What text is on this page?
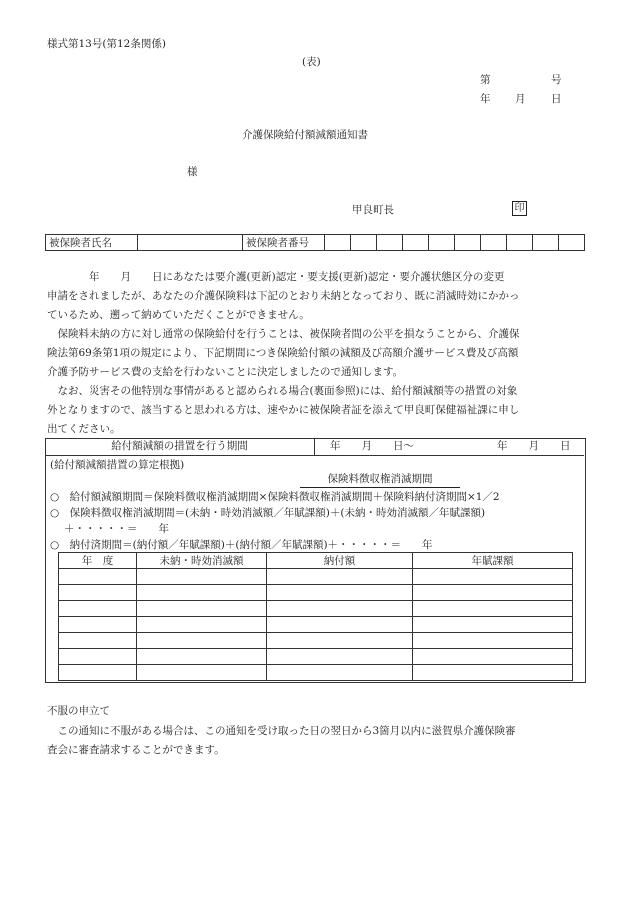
様式第13号(第12条関係)
(表)
第	号
年 月 日
介護保険給付額減額通知書
様
甲良町長	印
被保険者氏名		被保険者番号										
　　　　年　　月　　日にあなたは要介護(更新)認定・要支援(更新)認定・要介護状態区分の変更
申請をされましたが、あなたの介護保険料は下記のとおり未納となっており、既に消滅時効にかかっ
ているため、遡って納めていただくことができません。
　保険料未納の方に対し通常の保険給付を行うことは、被保険者間の公平を損なうことから、介護保
険法第69条第1項の規定により、下記期間につき保険給付額の減額及び高額介護サービス費及び高額
介護予防サービス費の支給を行わないことに決定しましたので通知します。
　なお、災害その他特別な事情があると認められる場合(裏面参照)には、給付額減額等の措置の対象
外となりますので、該当すると思われる方は、速やかに被保険者証を添えて甲良町保健福祉課に申し
出てください。
給付額減額の措置を行う期間	年　　月　　日～	年　　月　　日
(給付額減額措置の算定根拠)
保険料徴収権消滅期間
○　給付額減額期間＝保険料徴収権消滅期間×保険料徴収権消滅期間＋保険料納付済期間×1／2
○　保険料徴収権消滅期間＝(未納・時効消滅額／年賦課額)＋(未納・時効消滅額／年賦課額)
＋・・・・・＝　　年
○　納付済期間＝(納付額／年賦課額)＋(納付額／年賦課額)＋・・・・・＝　　年
年　度	未納・時効消滅額	納付額	年賦課額

不服の申立て
　この通知に不服がある場合は、この通知を受け取った日の翌日から3箇月以内に滋賀県介護保険審
査会に審査請求することができます。
